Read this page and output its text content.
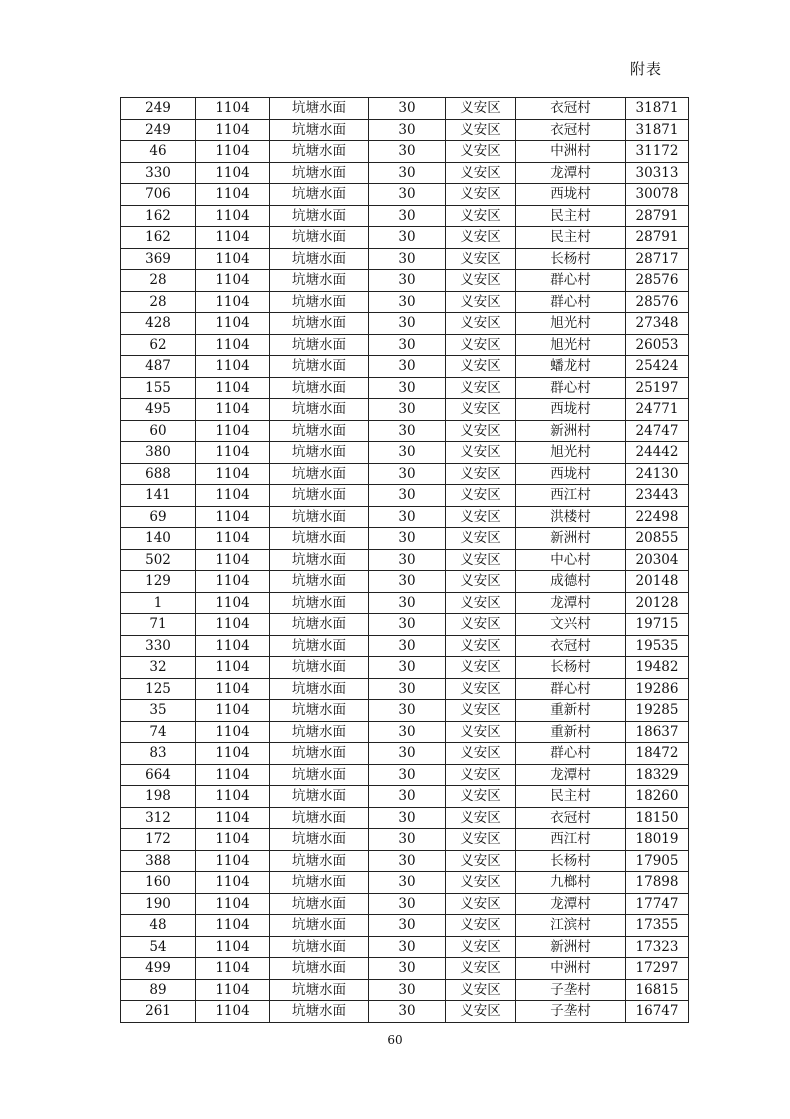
附表
249	1104	坑塘水面	30	义安区	衣冠村	31871
249	1104	坑塘水面	30	义安区	衣冠村	31871
46	1104	坑塘水面	30	义安区	中洲村	31172
330	1104	坑塘水面	30	义安区	龙潭村	30313
706	1104	坑塘水面	30	义安区	西垅村	30078
162	1104	坑塘水面	30	义安区	民主村	28791
162	1104	坑塘水面	30	义安区	民主村	28791
369	1104	坑塘水面	30	义安区	长杨村	28717
28	1104	坑塘水面	30	义安区	群心村	28576
28	1104	坑塘水面	30	义安区	群心村	28576
428	1104	坑塘水面	30	义安区	旭光村	27348
62	1104	坑塘水面	30	义安区	旭光村	26053
487	1104	坑塘水面	30	义安区	蟠龙村	25424
155	1104	坑塘水面	30	义安区	群心村	25197
495	1104	坑塘水面	30	义安区	西垅村	24771
60	1104	坑塘水面	30	义安区	新洲村	24747
380	1104	坑塘水面	30	义安区	旭光村	24442
688	1104	坑塘水面	30	义安区	西垅村	24130
141	1104	坑塘水面	30	义安区	西江村	23443
69	1104	坑塘水面	30	义安区	洪楼村	22498
140	1104	坑塘水面	30	义安区	新洲村	20855
502	1104	坑塘水面	30	义安区	中心村	20304
129	1104	坑塘水面	30	义安区	成德村	20148
1	1104	坑塘水面	30	义安区	龙潭村	20128
71	1104	坑塘水面	30	义安区	文兴村	19715
330	1104	坑塘水面	30	义安区	衣冠村	19535
32	1104	坑塘水面	30	义安区	长杨村	19482
125	1104	坑塘水面	30	义安区	群心村	19286
35	1104	坑塘水面	30	义安区	重新村	19285
74	1104	坑塘水面	30	义安区	重新村	18637
83	1104	坑塘水面	30	义安区	群心村	18472
664	1104	坑塘水面	30	义安区	龙潭村	18329
198	1104	坑塘水面	30	义安区	民主村	18260
312	1104	坑塘水面	30	义安区	衣冠村	18150
172	1104	坑塘水面	30	义安区	西江村	18019
388	1104	坑塘水面	30	义安区	长杨村	17905
160	1104	坑塘水面	30	义安区	九榔村	17898
190	1104	坑塘水面	30	义安区	龙潭村	17747
48	1104	坑塘水面	30	义安区	江滨村	17355
54	1104	坑塘水面	30	义安区	新洲村	17323
499	1104	坑塘水面	30	义安区	中洲村	17297
89	1104	坑塘水面	30	义安区	子垄村	16815
261	1104	坑塘水面	30	义安区	子垄村	16747
60
